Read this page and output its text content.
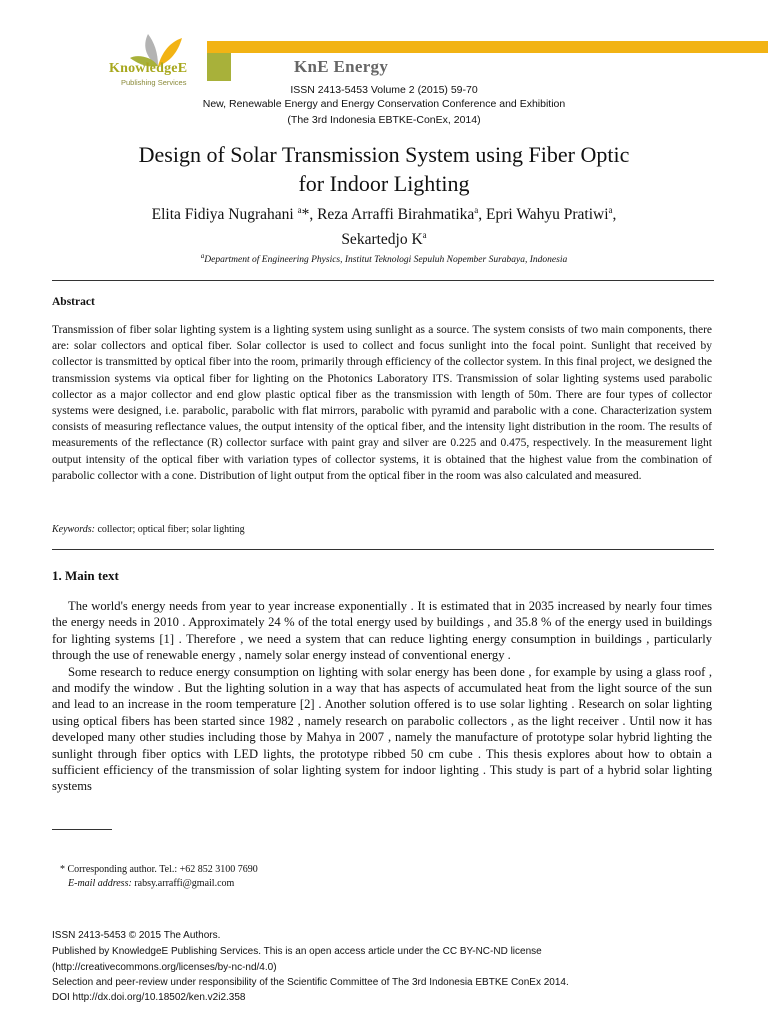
KnowledgeE
Publishing Services
KnE Energy
ISSN 2413-5453 Volume 2 (2015) 59-70
New, Renewable Energy and Energy Conservation Conference and Exhibition
(The 3rd Indonesia EBTKE-ConEx, 2014)
Design of Solar Transmission System using Fiber Optic
for Indoor Lighting
Elita Fidiya Nugrahani $^a$*, Reza Arraffi Birahmatika$^a$, Epri Wahyu Pratiwi$^a$,
Sekartedjo $K^a$
$^a$Department of Engineering Physics, Institut Teknologi Sepuluh Nopember Surabaya, Indonesia
Abstract
Transmission of fiber solar lighting system is a lighting system using sunlight as a source. The system consists of two main components, there are: solar collectors and optical fiber. Solar collector is used to collect and focus sunlight into the focal point. Sunlight that received by collector is transmitted by optical fiber into the room, primarily through efficiency of the collector system. In this final project, we designed the transmission systems via optical fiber for lighting on the Photonics Laboratory ITS. Transmission of solar lighting systems used parabolic collector as a major collector and end glow plastic optical fiber as the transmission with length of 50m. There are four types of collector systems were designed, i.e. parabolic, parabolic with flat mirrors, parabolic with pyramid and parabolic with a cone. Characterization system consists of measuring reflectance values, the output intensity of the optical fiber, and the intensity light distribution in the room. The results of measurements of the reflectance (R) collector surface with paint gray and silver are 0.225 and 0.475, respectively. In the measurement light output intensity of the optical fiber with variation types of collector systems, it is obtained that the highest value from the combination of parabolic collector with a cone. Distribution of light output from the optical fiber in the room was also calculated and measured.
Keywords: collector; optical fiber; solar lighting
1. Main text

The world's energy needs from year to year increase exponentially . It is estimated that in 2035 increased by nearly four times the energy needs in 2010 . Approximately 24 % of the total energy used by buildings , and 35.8 % of the energy used in buildings for lighting systems [1] . Therefore , we need a system that can reduce lighting energy consumption in buildings , particularly through the use of renewable energy , namely solar energy instead of conventional energy .

Some research to reduce energy consumption on lighting with solar energy has been done , for example by using a glass roof , and modify the window . But the lighting solution in a way that has aspects of accumulated heat from the light source of the sun and lead to an increase in the room temperature [2] . Another solution offered is to use solar lighting . Research on solar lighting using optical fibers has been started since 1982 , namely research on parabolic collectors , as the light receiver . Until now it has developed many other studies including those by Mahya in 2007 , namely the manufacture of prototype solar hybrid lighting the sunlight through fiber optics with LED lights, the prototype ribbed 50 cm cube . This thesis explores about how to obtain a sufficient efficiency of the transmission of solar lighting system for indoor lighting . This study is part of a hybrid solar lighting systems

* Corresponding author. Tel.: +62 852 3100 7690
E-mail address: rabsy.arraffi@gmail.com
ISSN 2413-5453 © 2015 The Authors.
Published by KnowledgeE Publishing Services. This is an open access article under the CC BY-NC-ND license
(http://creativecommons.org/licenses/by-nc-nd/4.0)
Selection and peer-review under responsibility of the Scientific Committee of The 3rd Indonesia EBTKE ConEx 2014.
DOI http://dx.doi.org/10.18502/ken.v2i2.358
